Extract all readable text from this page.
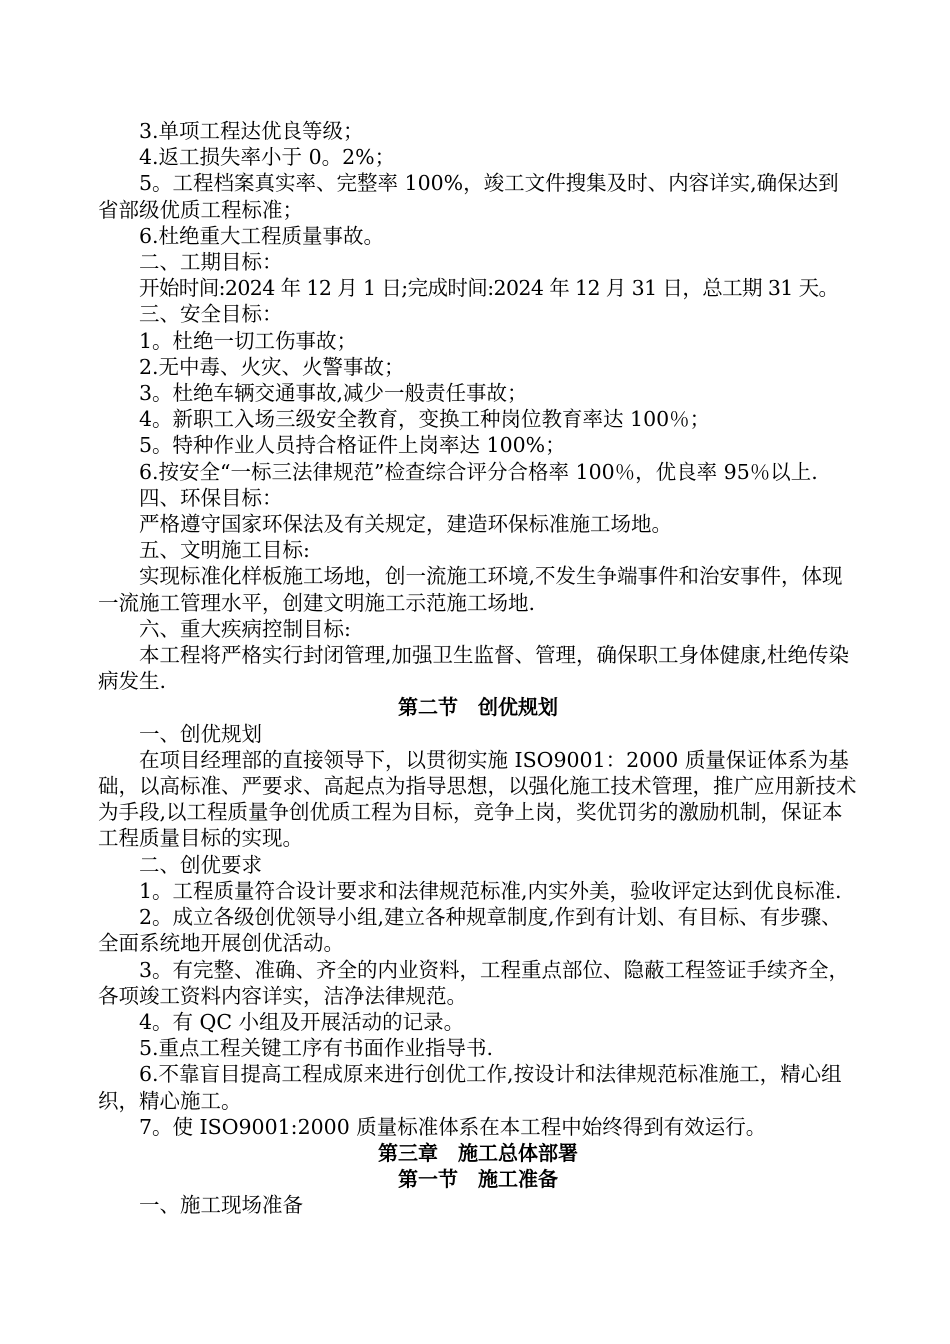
3.单项工程达优良等级；

4.返工损失率小于 0。2%；

5。工程档案真实率、完整率 100%，竣工文件搜集及时、内容详实,确保达到省部级优质工程标准；

6.杜绝重大工程质量事故。

二、工期目标：

开始时间:2024 年 12 月 1 日;完成时间:2024 年 12 月 31 日，总工期 31 天。

三、安全目标：

1。杜绝一切工伤事故；

2.无中毒、火灾、火警事故；

3。杜绝车辆交通事故,减少一般责任事故；

4。新职工入场三级安全教育，变换工种岗位教育率达 100％；

5。特种作业人员持合格证件上岗率达 100%；

6.按安全“一标三法律规范”检查综合评分合格率 100％，优良率 95％以上.

四、环保目标：

严格遵守国家环保法及有关规定，建造环保标准施工场地。

五、文明施工目标:

实现标准化样板施工场地，创一流施工环境,不发生争端事件和治安事件，体现一流施工管理水平，创建文明施工示范施工场地.

六、重大疾病控制目标:

本工程将严格实行封闭管理,加强卫生监督、管理，确保职工身体健康,杜绝传染病发生.

第二节　创优规划

一、创优规划

在项目经理部的直接领导下，以贯彻实施 ISO9001：2000 质量保证体系为基础，以高标准、严要求、高起点为指导思想，以强化施工技术管理，推广应用新技术为手段,以工程质量争创优质工程为目标，竞争上岗，奖优罚劣的激励机制，保证本工程质量目标的实现。

二、创优要求

1。工程质量符合设计要求和法律规范标准,内实外美，验收评定达到优良标准.

2。成立各级创优领导小组,建立各种规章制度,作到有计划、有目标、有步骤、全面系统地开展创优活动。

3。有完整、准确、齐全的内业资料，工程重点部位、隐蔽工程签证手续齐全，各项竣工资料内容详实，洁净法律规范。

4。有 QC 小组及开展活动的记录。

5.重点工程关键工序有书面作业指导书.

6.不靠盲目提高工程成原来进行创优工作,按设计和法律规范标准施工，精心组织，精心施工。

7。使 ISO9001:2000 质量标准体系在本工程中始终得到有效运行。

第三章　施工总体部署

第一节　施工准备

一、施工现场准备
